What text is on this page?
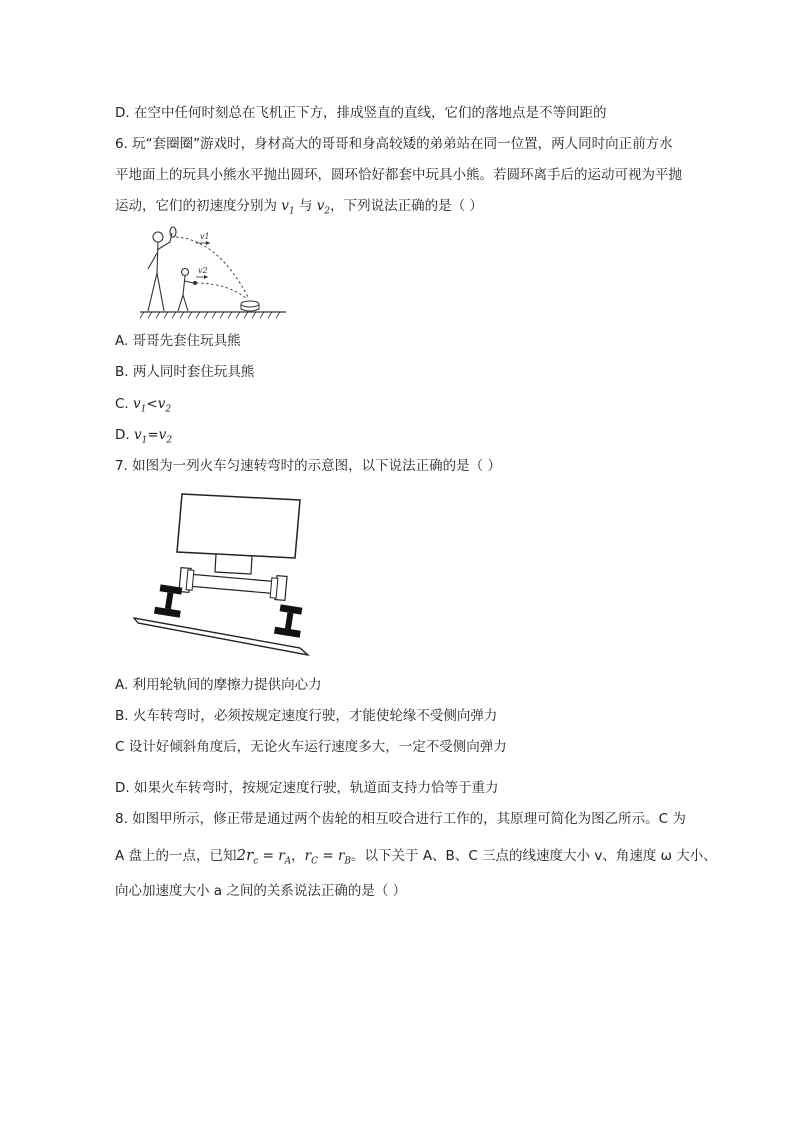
D. 在空中任何时刻总在飞机正下方，排成竖直的直线，它们的落地点是不等间距的
6. 玩“套圈圈”游戏时，身材高大的哥哥和身高较矮的弟弟站在同一位置，两人同时向正前方水
平地面上的玩具小熊水平抛出圆环，圆环恰好都套中玩具小熊。若圆环离手后的运动可视为平抛
运动，它们的初速度分别为 $v_1$ 与 $v_2$，下列说法正确的是（ ）
v1
v2
A. 哥哥先套住玩具熊
B. 两人同时套住玩具熊
C. $v_1<v_2$
D. $v_1=v_2$
7. 如图为一列火车匀速转弯时的示意图，以下说法正确的是（ ）
A. 利用轮轨间的摩擦力提供向心力
B. 火车转弯时，必须按规定速度行驶，才能使轮缘不受侧向弹力
C 设计好倾斜角度后，无论火车运行速度多大，一定不受侧向弹力
D. 如果火车转弯时，按规定速度行驶，轨道面支持力恰等于重力
8. 如图甲所示，修正带是通过两个齿轮的相互咬合进行工作的，其原理可简化为图乙所示。C 为
A 盘上的一点，已知$2r_c = r_A$，$r_C = r_B$。以下关于 A、B、C 三点的线速度大小 v、角速度 ω 大小、
向心加速度大小 a 之间的关系说法正确的是（ ）
